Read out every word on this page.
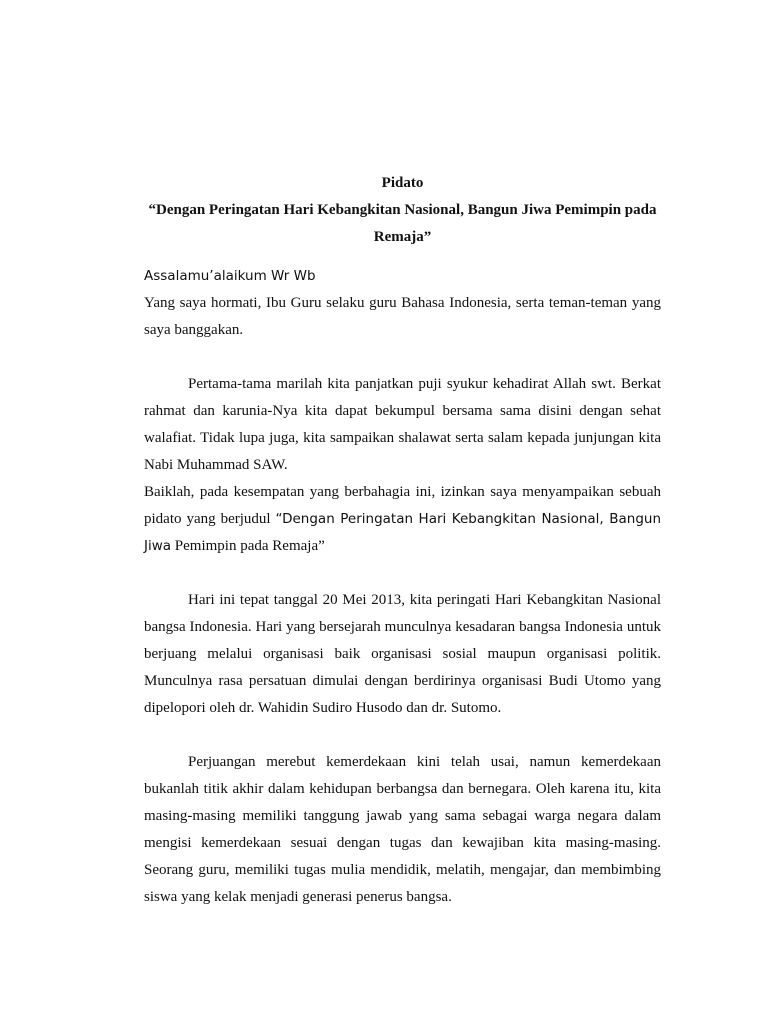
Pidato

“Dengan Peringatan Hari Kebangkitan Nasional, Bangun Jiwa Pemimpin pada

Remaja”

Assalamu’alaikum Wr Wb

Yang saya hormati, Ibu Guru selaku guru Bahasa Indonesia, serta teman-teman yang saya banggakan.

Pertama-tama marilah kita panjatkan puji syukur kehadirat Allah swt. Berkat rahmat dan karunia-Nya kita dapat bekumpul bersama sama disini dengan sehat walafiat. Tidak lupa juga, kita sampaikan shalawat serta salam kepada junjungan kita Nabi Muhammad SAW.

Baiklah, pada kesempatan yang berbahagia ini, izinkan saya menyampaikan sebuah pidato yang berjudul “Dengan Peringatan Hari Kebangkitan Nasional, Bangun Jiwa Pemimpin pada Remaja”

Hari ini tepat tanggal 20 Mei 2013, kita peringati Hari Kebangkitan Nasional bangsa Indonesia. Hari yang bersejarah munculnya kesadaran bangsa Indonesia untuk berjuang melalui organisasi baik organisasi sosial maupun organisasi politik. Munculnya rasa persatuan dimulai dengan berdirinya organisasi Budi Utomo yang dipelopori oleh dr. Wahidin Sudiro Husodo dan dr. Sutomo.

Perjuangan merebut kemerdekaan kini telah usai, namun kemerdekaan bukanlah titik akhir dalam kehidupan berbangsa dan bernegara. Oleh karena itu, kita masing-masing memiliki tanggung jawab yang sama sebagai warga negara dalam mengisi kemerdekaan sesuai dengan tugas dan kewajiban kita masing-masing. Seorang guru, memiliki tugas mulia mendidik, melatih, mengajar, dan membimbing siswa yang kelak menjadi generasi penerus bangsa.
